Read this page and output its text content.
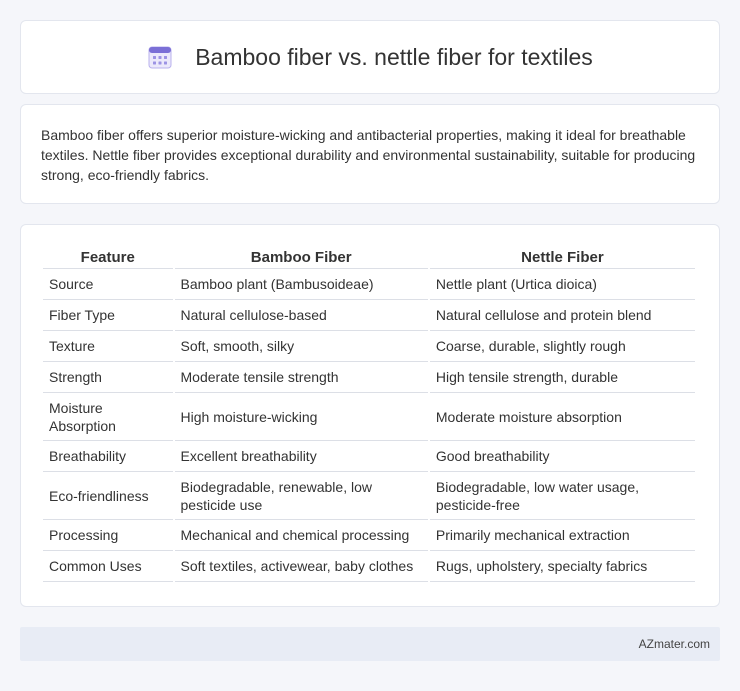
Bamboo fiber vs. nettle fiber for textiles

Bamboo fiber offers superior moisture-wicking and antibacterial properties, making it ideal for breathable textiles. Nettle fiber provides exceptional durability and environmental sustainability, suitable for producing strong, eco-friendly fabrics.

Feature	Bamboo Fiber	Nettle Fiber
Source	Bamboo plant (Bambusoideae)	Nettle plant (Urtica dioica)
Fiber Type	Natural cellulose-based	Natural cellulose and protein blend
Texture	Soft, smooth, silky	Coarse, durable, slightly rough
Strength	Moderate tensile strength	High tensile strength, durable
Moisture Absorption	High moisture-wicking	Moderate moisture absorption
Breathability	Excellent breathability	Good breathability
Eco-friendliness	Biodegradable, renewable, low pesticide use	Biodegradable, low water usage, pesticide-free
Processing	Mechanical and chemical processing	Primarily mechanical extraction
Common Uses	Soft textiles, activewear, baby clothes	Rugs, upholstery, specialty fabrics
AZmater.com
